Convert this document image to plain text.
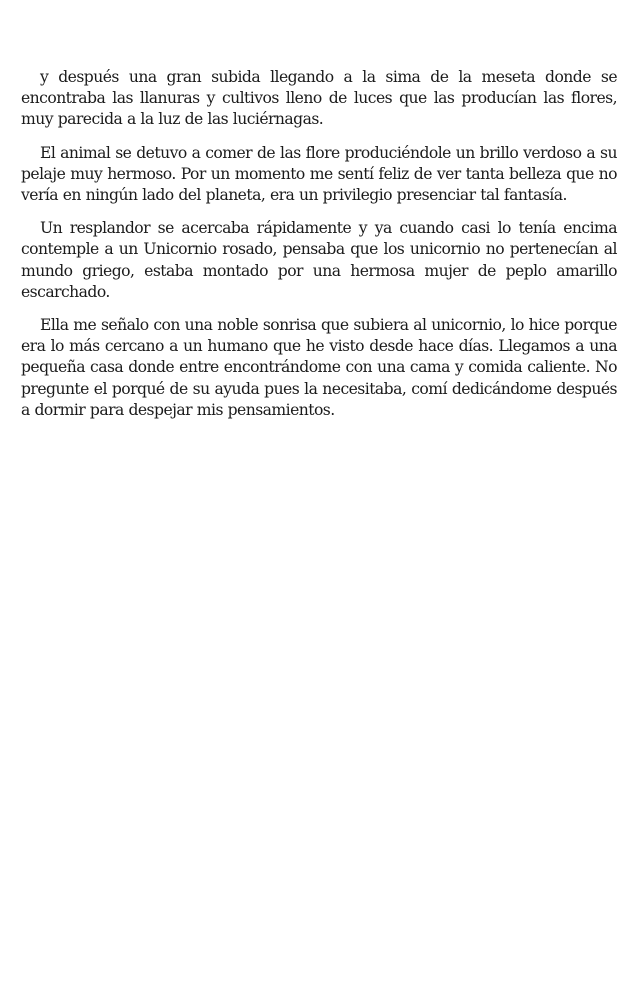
y después una gran subida llegando a la sima de la meseta donde se encontraba las llanuras y cultivos lleno de luces que las producían las flores, muy parecida a la luz de las luciérnagas.

El animal se detuvo a comer de las flore produciéndole un brillo verdoso a su pelaje muy hermoso. Por un momento me sentí feliz de ver tanta belleza que no vería en ningún lado del planeta, era un privilegio presenciar tal fantasía.

Un resplandor se acercaba rápidamente y ya cuando casi lo tenía encima contemple a un Unicornio rosado, pensaba que los unicornio no pertenecían al mundo griego, estaba montado por una hermosa mujer de peplo amarillo escarchado.

Ella me señalo con una noble sonrisa que subiera al unicornio, lo hice porque era lo más cercano a un humano que he visto desde hace días. Llegamos a una pequeña casa donde entre encontrándome con una cama y comida caliente. No pregunte el porqué de su ayuda pues la necesitaba, comí dedicándome después a dormir para despejar mis pensamientos.
